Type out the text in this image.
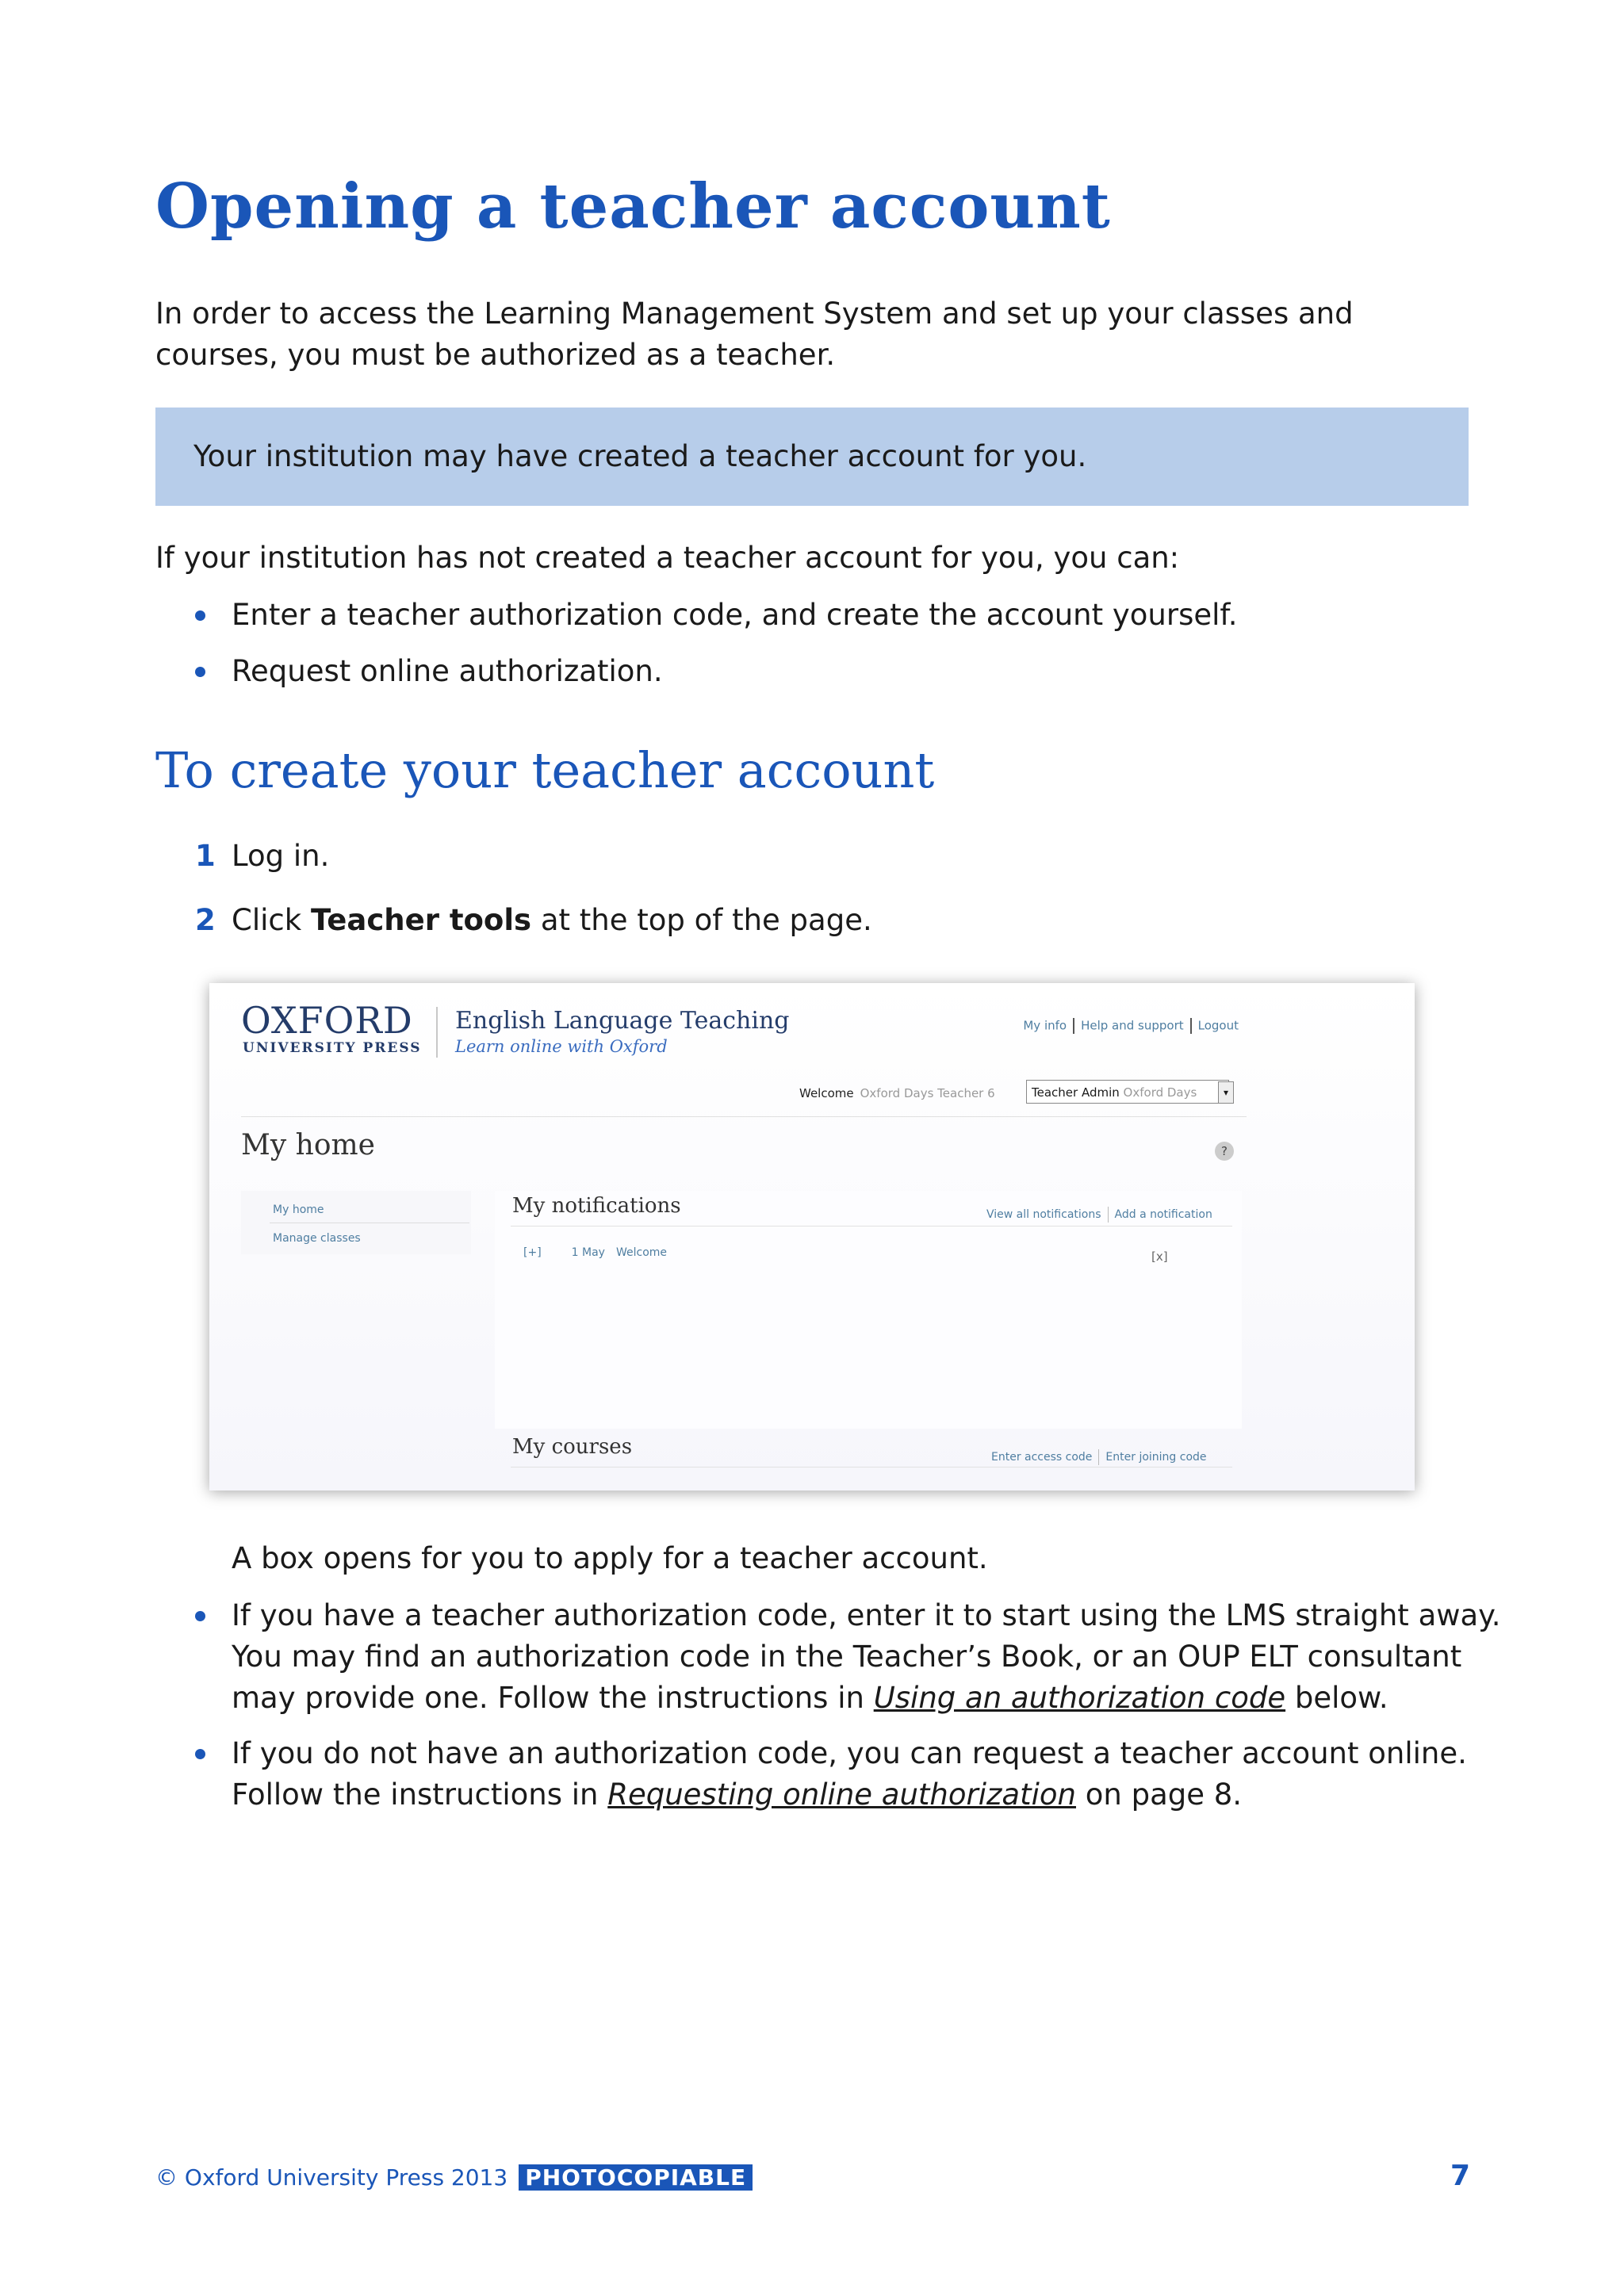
Opening a teacher account

In order to access the Learning Management System and set up your classes and courses, you must be authorized as a teacher.

Your institution may have created a teacher account for you.

If your institution has not created a teacher account for you, you can:

Enter a teacher authorization code, and create the account yourself.
Request online authorization.
To create your teacher account
1 Log in.
2 Click Teacher tools at the top of the page.
OXFORD
UNIVERSITY PRESS
English Language Teaching
Learn online with Oxford
My info Help and support Logout
Welcome Oxford Days Teacher 6	Teacher Admin Oxford Days	▾
My home	?
My home
Manage classes
My notifications	View all notifications Add a notification
[+]	1 May Welcome	[x]
My courses	Enter access code Enter joining code

A box opens for you to apply for a teacher account.

If you have a teacher authorization code, enter it to start using the LMS straight away. You may find an authorization code in the Teacher’s Book, or an OUP ELT consultant may provide one. Follow the instructions in Using an authorization code below.
If you do not have an authorization code, you can request a teacher account online. Follow the instructions in Requesting online authorization on page 8.
© Oxford University Press 2013 PHOTOCOPIABLE	7
